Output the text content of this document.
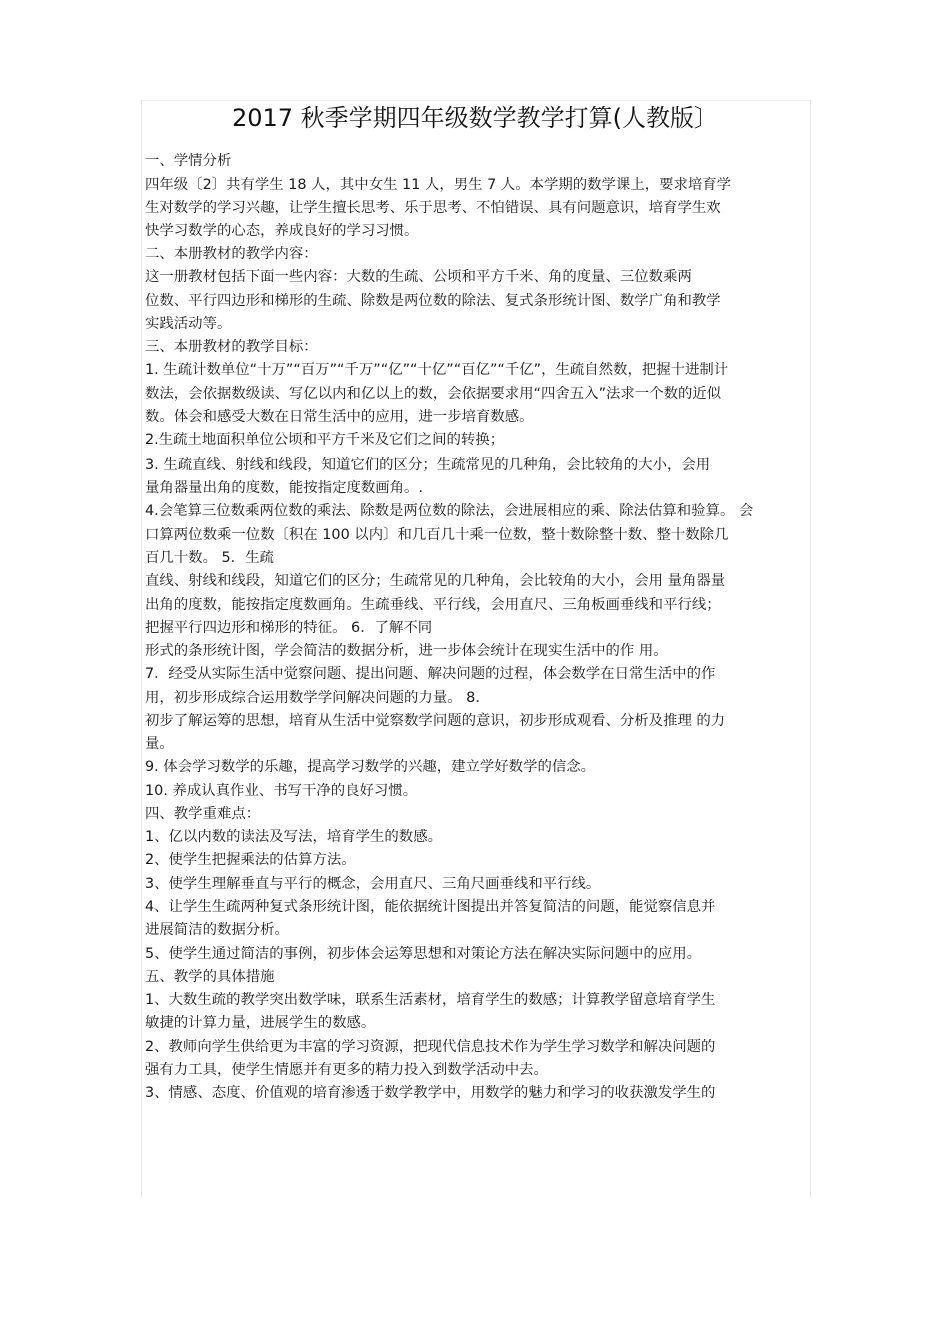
2017 秋季学期四年级数学教学打算(人教版〕
一、学情分析
四年级〔2〕共有学生 18 人，其中女生 11 人，男生 7 人。本学期的数学课上，要求培育学
生对数学的学习兴趣，让学生擅长思考、乐于思考、不怕错误、具有问题意识，培育学生欢
快学习数学的心态，养成良好的学习习惯。
二、本册教材的教学内容：
这一册教材包括下面一些内容：大数的生疏、公顷和平方千米、角的度量、三位数乘两
位数、平行四边形和梯形的生疏、除数是两位数的除法、复式条形统计图、数学广角和教学
实践活动等。
三、本册教材的教学目标：
1. 生疏计数单位“十万”“百万”“千万”“亿”“十亿”“百亿”“千亿”，生疏自然数，把握十进制计
数法，会依据数级读、写亿以内和亿以上的数，会依据要求用“四舍五入”法求一个数的近似
数。体会和感受大数在日常生活中的应用，进一步培育数感。
2.生疏土地面积单位公顷和平方千米及它们之间的转换；
3. 生疏直线、射线和线段，知道它们的区分；生疏常见的几种角，会比较角的大小，会用
量角器量出角的度数，能按指定度数画角。.
4.会笔算三位数乘两位数的乘法、除数是两位数的除法，会进展相应的乘、除法估算和验算。 会
口算两位数乘一位数〔积在 100 以内〕和几百几十乘一位数，整十数除整十数、整十数除几
百几十数。 5．生疏
直线、射线和线段，知道它们的区分；生疏常见的几种角，会比较角的大小，会用 量角器量
出角的度数，能按指定度数画角。生疏垂线、平行线，会用直尺、三角板画垂线和平行线；
把握平行四边形和梯形的特征。 6．了解不同
形式的条形统计图，学会简洁的数据分析，进一步体会统计在现实生活中的作 用。
7．经受从实际生活中觉察问题、提出问题、解决问题的过程，体会数学在日常生活中的作
用，初步形成综合运用数学学问解决问题的力量。 8．
初步了解运筹的思想，培育从生活中觉察数学问题的意识，初步形成观看、分析及推理 的力
量。
9. 体会学习数学的乐趣，提高学习数学的兴趣，建立学好数学的信念。
10. 养成认真作业、书写干净的良好习惯。
四、教学重难点：
1、亿以内数的读法及写法，培育学生的数感。
2、使学生把握乘法的估算方法。
3、使学生理解垂直与平行的概念，会用直尺、三角尺画垂线和平行线。
4、让学生生疏两种复式条形统计图，能依据统计图提出并答复简洁的问题，能觉察信息并
进展简洁的数据分析。
5、使学生通过简洁的事例，初步体会运筹思想和对策论方法在解决实际问题中的应用。
五、教学的具体措施
1、大数生疏的教学突出数学味，联系生活素材，培育学生的数感；计算教学留意培育学生
敏捷的计算力量，进展学生的数感。
2、教师向学生供给更为丰富的学习资源，把现代信息技术作为学生学习数学和解决问题的
强有力工具，使学生情愿并有更多的精力投入到数学活动中去。
3、情感、态度、价值观的培育渗透于数学教学中，用数学的魅力和学习的收获激发学生的
